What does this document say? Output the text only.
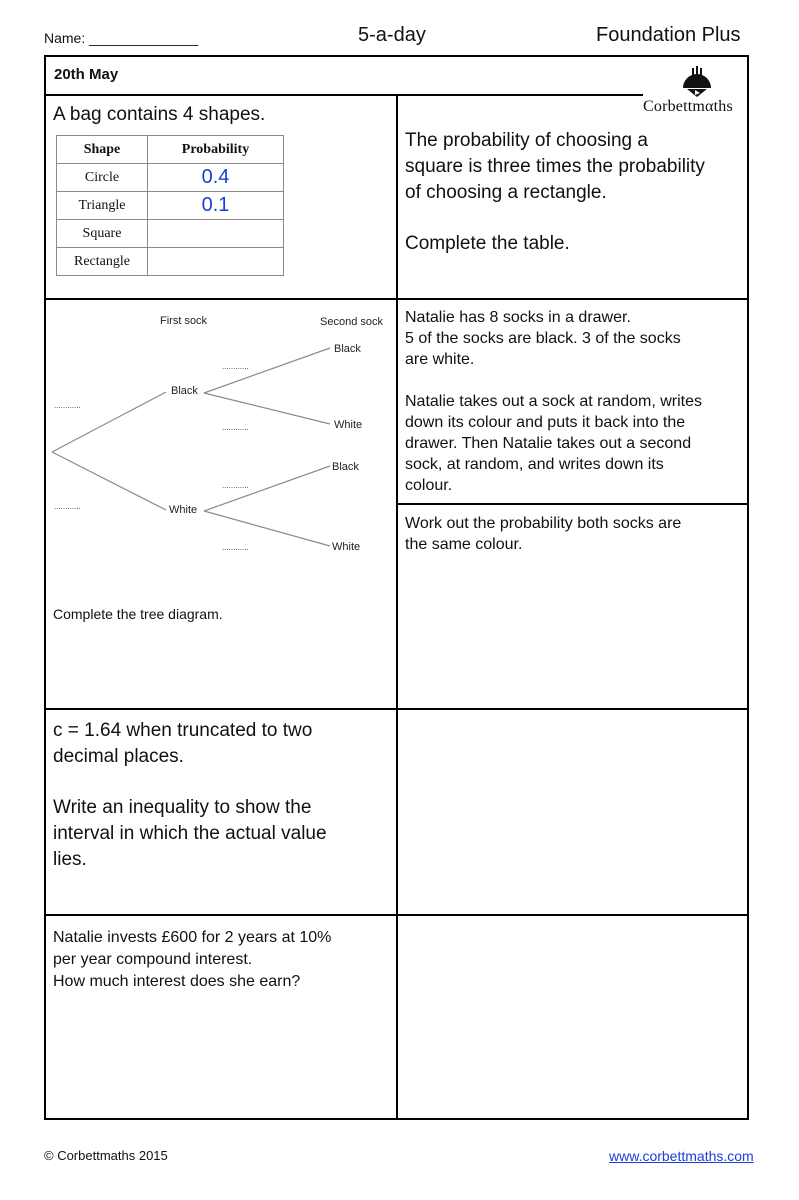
Name: ______________	5-a-day	Foundation Plus
20th May
Corbettmαths
A bag contains 4 shapes.
Shape	Probability
Circle	0.4
Triangle	0.1
Square	
Rectangle	
The probability of choosing a
square is three times the probability
of choosing a rectangle.
Complete the table.
First sock	Second sock
Black
White
Black
White
Black
White
............
............
............
............
............
............
Complete the tree diagram.
Natalie has 8 socks in a drawer.
5 of the socks are black. 3 of the socks
are white.
Natalie takes out a sock at random, writes
down its colour and puts it back into the
drawer. Then Natalie takes out a second
sock, at random, and writes down its
colour.
Work out the probability both socks are
the same colour.
c = 1.64 when truncated to two
decimal places.
Write an inequality to show the
interval in which the actual value
lies.
Natalie invests £600 for 2 years at 10%
per year compound interest.
How much interest does she earn?
© Corbettmaths 2015	www.corbettmaths.com
